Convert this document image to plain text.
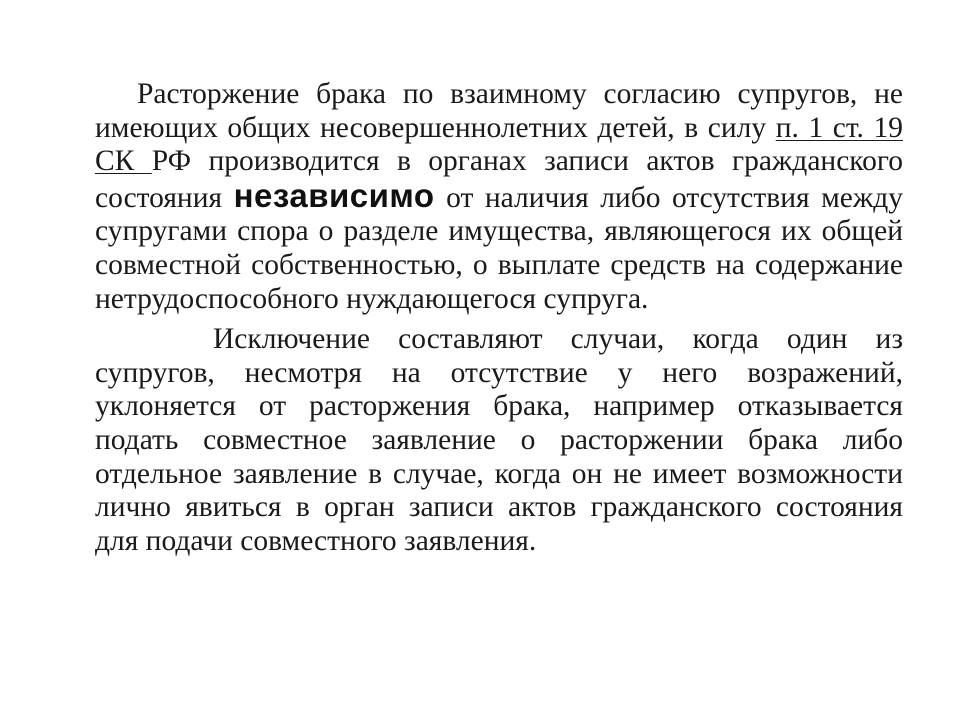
Расторжение брака по взаимному согласию супругов, не имеющих общих несовершеннолетних детей, в силу п. 1 ст. 19 СК РФ производится в органах записи актов гражданского состояния независимо от наличия либо отсутствия между супругами спора о разделе имущества, являющегося их общей совместной собственностью, о выплате средств на содержание нетрудоспособного нуждающегося супруга.

Исключение составляют случаи, когда один из супругов, несмотря на отсутствие у него возражений, уклоняется от расторжения брака, например отказывается подать совместное заявление о расторжении брака либо отдельное заявление в случае, когда он не имеет возможности лично явиться в орган записи актов гражданского состояния для подачи совместного заявления.
